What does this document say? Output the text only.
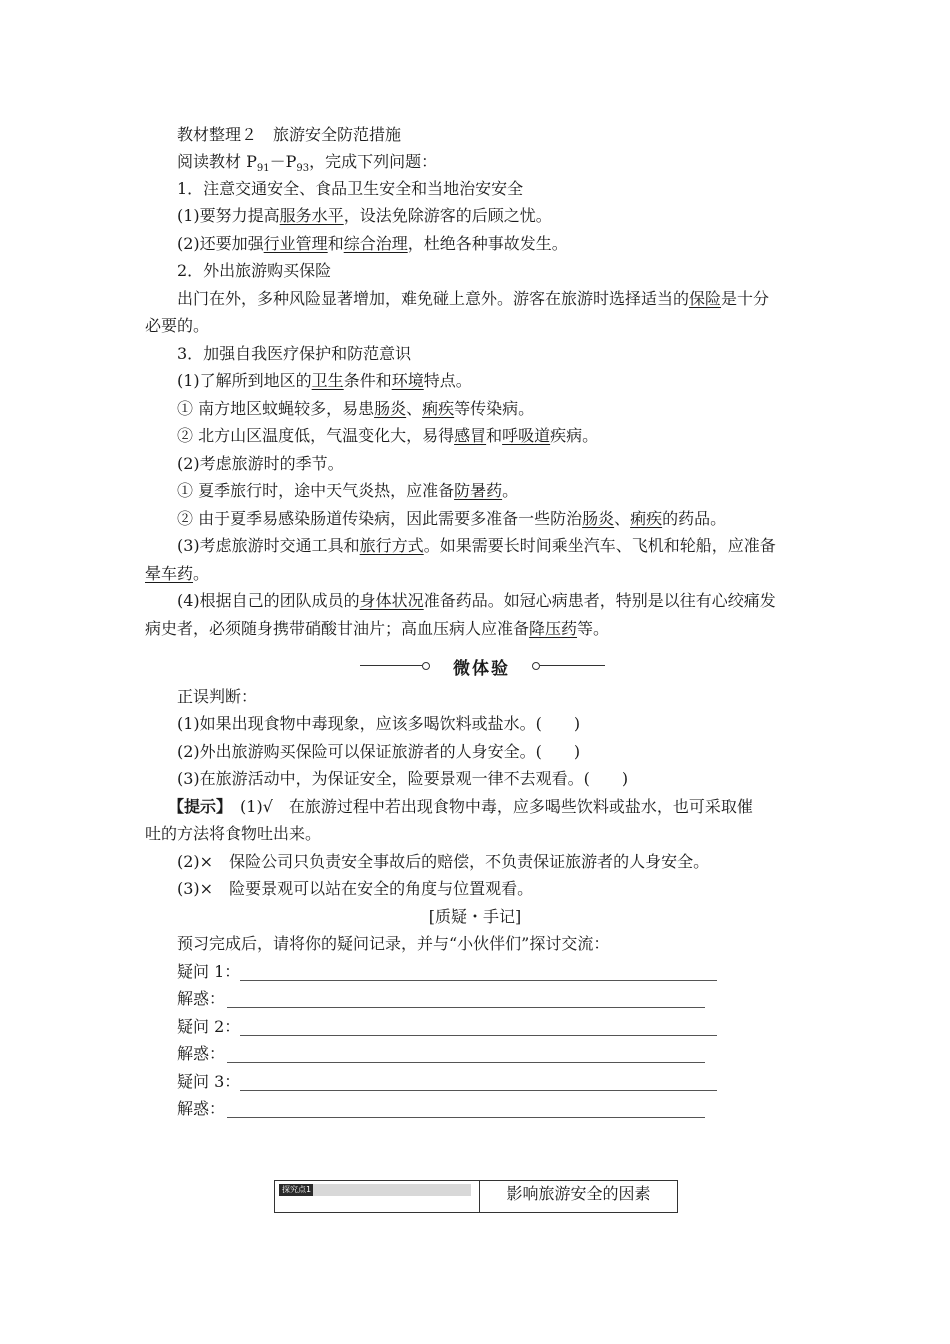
教材整理２　旅游安全防范措施
阅读教材 $P_{91}-P_{93}$，完成下列问题：
1．注意交通安全、食品卫生安全和当地治安安全
(1)要努力提高服务水平，设法免除游客的后顾之忧。
(2)还要加强行业管理和综合治理，杜绝各种事故发生。
2．外出旅游购买保险
出门在外，多种风险显著增加，难免碰上意外。游客在旅游时选择适当的保险是十分
必要的。
3．加强自我医疗保护和防范意识
(1)了解所到地区的卫生条件和环境特点。
① 南方地区蚊蝇较多，易患肠炎、痢疾等传染病。
② 北方山区温度低，气温变化大，易得感冒和呼吸道疾病。
(2)考虑旅游时的季节。
① 夏季旅行时，途中天气炎热，应准备防暑药。
② 由于夏季易感染肠道传染病，因此需要多准备一些防治肠炎、痢疾的药品。
(3)考虑旅游时交通工具和旅行方式。如果需要长时间乘坐汽车、飞机和轮船，应准备
晕车药。
(4)根据自己的团队成员的身体状况准备药品。如冠心病患者，特别是以往有心绞痛发
病史者，必须随身携带硝酸甘油片；高血压病人应准备降压药等。
微体验
正误判断：
(1)如果出现食物中毒现象，应该多喝饮料或盐水。(　　)
(2)外出旅游购买保险可以保证旅游者的人身安全。(　　)
(3)在旅游活动中，为保证安全，险要景观一律不去观看。(　　)
【提示】　 (1)√　在旅游过程中若出现食物中毒，应多喝些饮料或盐水，也可采取催
吐的方法将食物吐出来。
(2)×　保险公司只负责安全事故后的赔偿，不负责保证旅游者的人身安全。
(3)×　险要景观可以站在安全的角度与位置观看。
[质疑・手记]
预习完成后，请将你的疑问记录，并与“小伙伴们”探讨交流：
疑问 1：
解惑：
疑问 2：
解惑：
疑问 3：
解惑：
探究点1	影响旅游安全的因素
